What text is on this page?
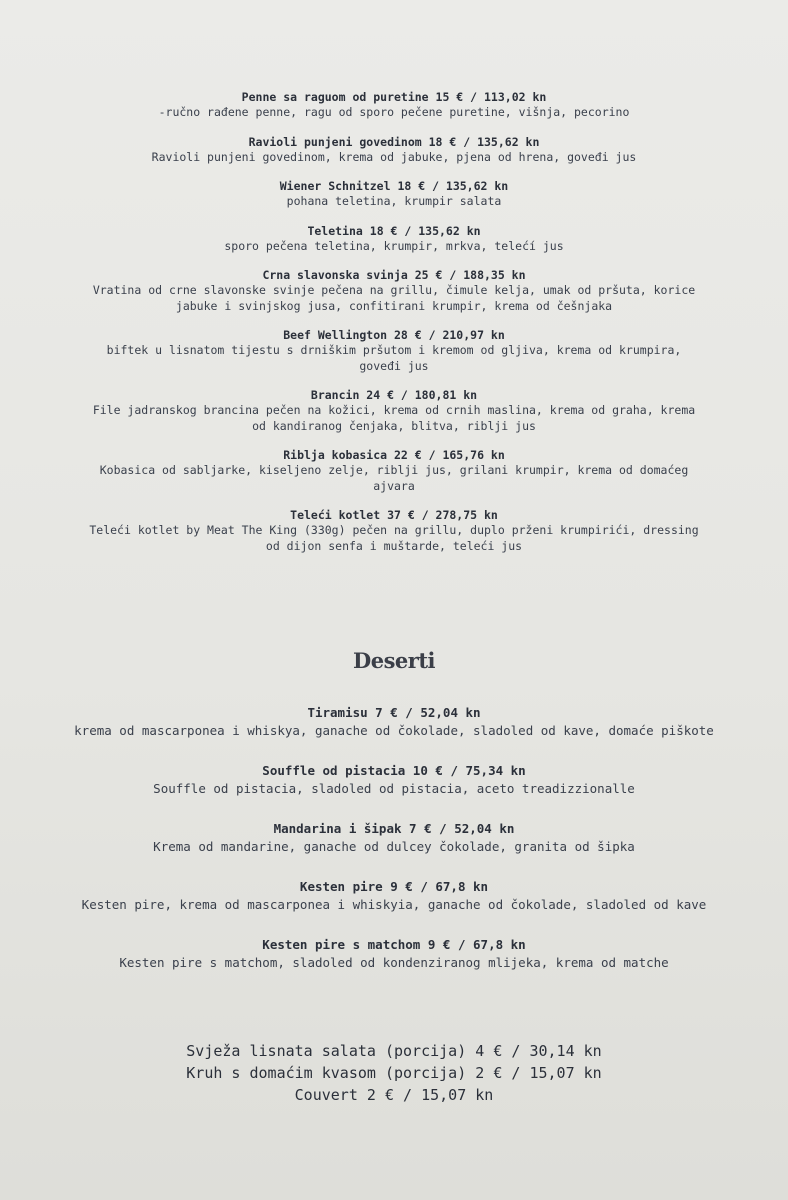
Penne sa raguom od puretine 15 € / 113,02 kn
-ručno rađene penne, ragu od sporo pečene puretine, višnja, pecorino
Ravioli punjeni govedinom 18 € / 135,62 kn
Ravioli punjeni govedinom, krema od jabuke, pjena od hrena, goveđi jus
Wiener Schnitzel 18 € / 135,62 kn
pohana teletina, krumpir salata
Teletina 18 € / 135,62 kn
sporo pečena teletina, krumpir, mrkva, telećí jus
Crna slavonska svinja 25 € / 188,35 kn
Vratina od crne slavonske svinje pečena na grillu, čimule kelja, umak od pršuta, korice jabuke i svinjskog jusa, confitirani krumpir, krema od češnjaka
Beef Wellington 28 € / 210,97 kn
biftek u lisnatom tijestu s drniškim pršutom i kremom od gljiva, krema od krumpira, goveđi jus
Brancin 24 € / 180,81 kn
File jadranskog brancina pečen na kožici, krema od crnih maslina, krema od graha, krema od kandiranog čenjaka, blitva, riblji jus
Riblja kobasica 22 € / 165,76 kn
Kobasica od sabljarke, kiseljeno zelje, riblji jus, grilani krumpir, krema od domaćeg ajvara
Teleći kotlet 37 € / 278,75 kn
Teleći kotlet by Meat The King (330g) pečen na grillu, duplo prženi krumpirići, dressing od dijon senfa i muštarde, teleći jus
Deserti
Tiramisu 7 € / 52,04 kn
krema od mascarponea i whiskya, ganache od čokolade, sladoled od kave, domaće piškote
Souffle od pistacia 10 € / 75,34 kn
Souffle od pistacia, sladoled od pistacia, aceto treadizzionalle
Mandarina i šipak 7 € / 52,04 kn
Krema od mandarine, ganache od dulcey čokolade, granita od šipka
Kesten pire 9 € / 67,8 kn
Kesten pire, krema od mascarponea i whiskyia, ganache od čokolade, sladoled od kave
Kesten pire s matchom 9 € / 67,8 kn
Kesten pire s matchom, sladoled od kondenziranog mlijeka, krema od matche
Svježa lisnata salata (porcija) 4 € / 30,14 kn
Kruh s domaćim kvasom (porcija) 2 € / 15,07 kn
Couvert 2 € / 15,07 kn
